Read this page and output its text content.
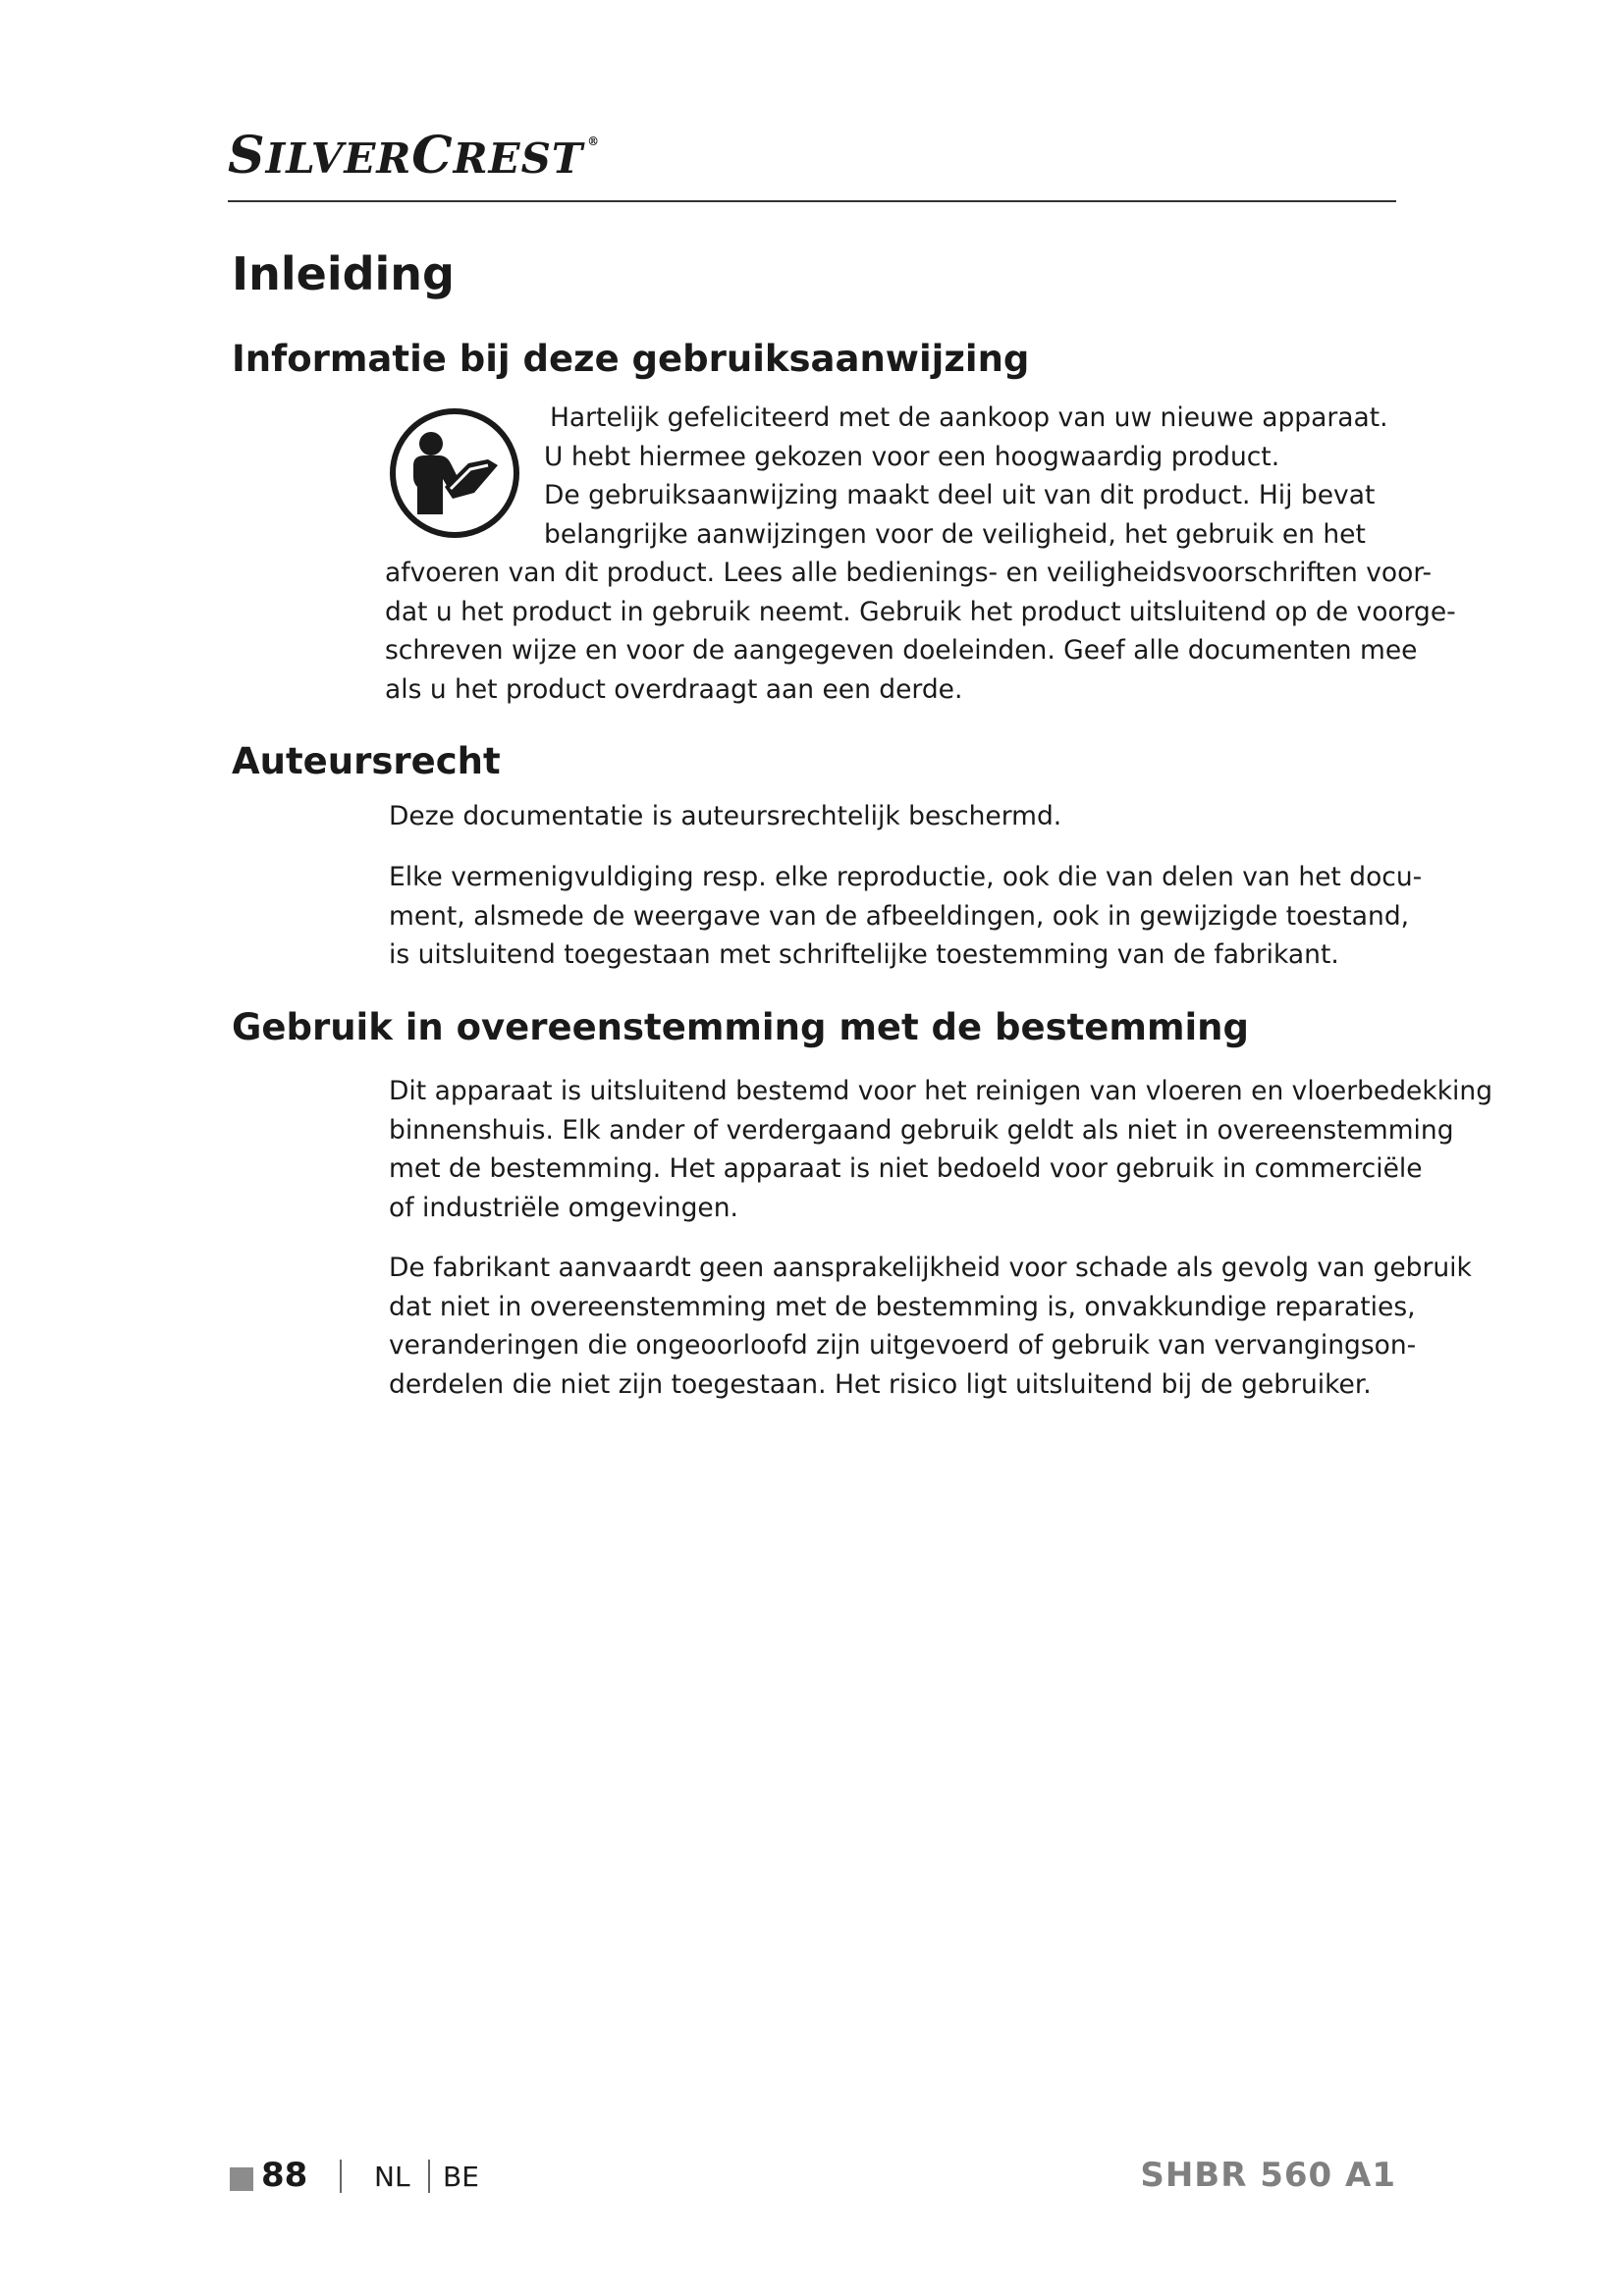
SILVERCREST ®
Inleiding
Informatie bij deze gebruiksaanwijzing
Hartelijk gefeliciteerd met de aankoop van uw nieuwe apparaat.
U hebt hiermee gekozen voor een hoogwaardig product.
De gebruiksaanwijzing maakt deel uit van dit product. Hij bevat
belangrijke aanwijzingen voor de veiligheid, het gebruik en het
afvoeren van dit product. Lees alle bedienings- en veiligheidsvoorschriften voor-
dat u het product in gebruik neemt. Gebruik het product uitsluitend op de voorge-
schreven wijze en voor de aangegeven doeleinden. Geef alle documenten mee
als u het product overdraagt aan een derde.
Auteursrecht
Deze documentatie is auteursrechtelijk beschermd.
Elke vermenigvuldiging resp. elke reproductie, ook die van delen van het docu-
ment, alsmede de weergave van de afbeeldingen, ook in gewijzigde toestand,
is uitsluitend toegestaan met schriftelijke toestemming van de fabrikant.
Gebruik in overeenstemming met de bestemming
Dit apparaat is uitsluitend bestemd voor het reinigen van vloeren en vloerbedekking
binnenshuis. Elk ander of verdergaand gebruik geldt als niet in overeenstemming
met de bestemming. Het apparaat is niet bedoeld voor gebruik in commerciële
of industriële omgevingen.
De fabrikant aanvaardt geen aansprakelijkheid voor schade als gevolg van gebruik
dat niet in overeenstemming met de bestemming is, onvakkundige reparaties,
veranderingen die ongeoorloofd zijn uitgevoerd of gebruik van vervangingson-
derdelen die niet zijn toegestaan. Het risico ligt uitsluitend bij de gebruiker.
88 NL BE	SHBR 560 A1
